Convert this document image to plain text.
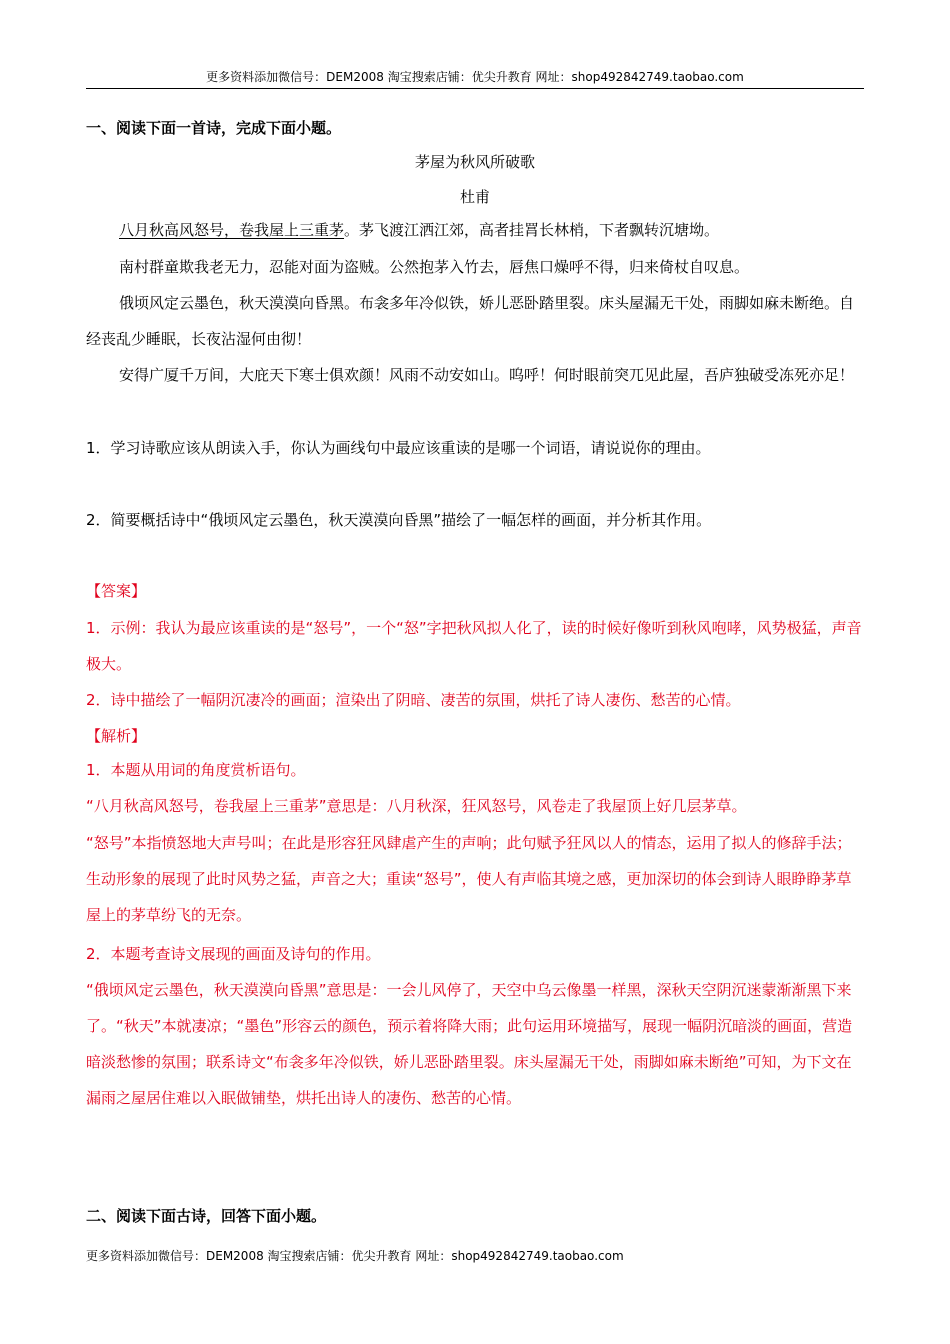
更多资料添加微信号：DEM2008 淘宝搜索店铺：优尖升教育 网址：shop492842749.taobao.com
一、阅读下面一首诗，完成下面小题。
茅屋为秋风所破歌
杜甫
八月秋高风怒号，卷我屋上三重茅。茅飞渡江洒江郊，高者挂罥长林梢，下者飘转沉塘坳。
南村群童欺我老无力，忍能对面为盗贼。公然抱茅入竹去，唇焦口燥呼不得，归来倚杖自叹息。
俄顷风定云墨色，秋天漠漠向昏黑。布衾多年冷似铁，娇儿恶卧踏里裂。床头屋漏无干处，雨脚如麻未断绝。自经丧乱少睡眠，长夜沾湿何由彻！
安得广厦千万间，大庇天下寒士俱欢颜！风雨不动安如山。呜呼！何时眼前突兀见此屋，吾庐独破受冻死亦足！
1．学习诗歌应该从朗读入手，你认为画线句中最应该重读的是哪一个词语，请说说你的理由。
2．简要概括诗中“俄顷风定云墨色，秋天漠漠向昏黑”描绘了一幅怎样的画面，并分析其作用。
【答案】
1．示例：我认为最应该重读的是“怒号”，一个“怒”字把秋风拟人化了，读的时候好像听到秋风咆哮，风势极猛，声音极大。
2．诗中描绘了一幅阴沉凄冷的画面；渲染出了阴暗、凄苦的氛围，烘托了诗人凄伤、愁苦的心情。
【解析】
1．本题从用词的角度赏析语句。
“八月秋高风怒号，卷我屋上三重茅”意思是：八月秋深，狂风怒号，风卷走了我屋顶上好几层茅草。
“怒号”本指愤怒地大声号叫；在此是形容狂风肆虐产生的声响；此句赋予狂风以人的情态，运用了拟人的修辞手法；生动形象的展现了此时风势之猛，声音之大；重读“怒号”，使人有声临其境之感，更加深切的体会到诗人眼睁睁茅草屋上的茅草纷飞的无奈。
2．本题考查诗文展现的画面及诗句的作用。
“俄顷风定云墨色，秋天漠漠向昏黑”意思是：一会儿风停了，天空中乌云像墨一样黑，深秋天空阴沉迷蒙渐渐黑下来了。“秋天”本就凄凉；“墨色”形容云的颜色，预示着将降大雨；此句运用环境描写，展现一幅阴沉暗淡的画面，营造暗淡愁惨的氛围；联系诗文“布衾多年冷似铁，娇儿恶卧踏里裂。床头屋漏无干处，雨脚如麻未断绝”可知，为下文在漏雨之屋居住难以入眠做铺垫，烘托出诗人的凄伤、愁苦的心情。
二、阅读下面古诗，回答下面小题。
更多资料添加微信号：DEM2008 淘宝搜索店铺：优尖升教育 网址：shop492842749.taobao.com
